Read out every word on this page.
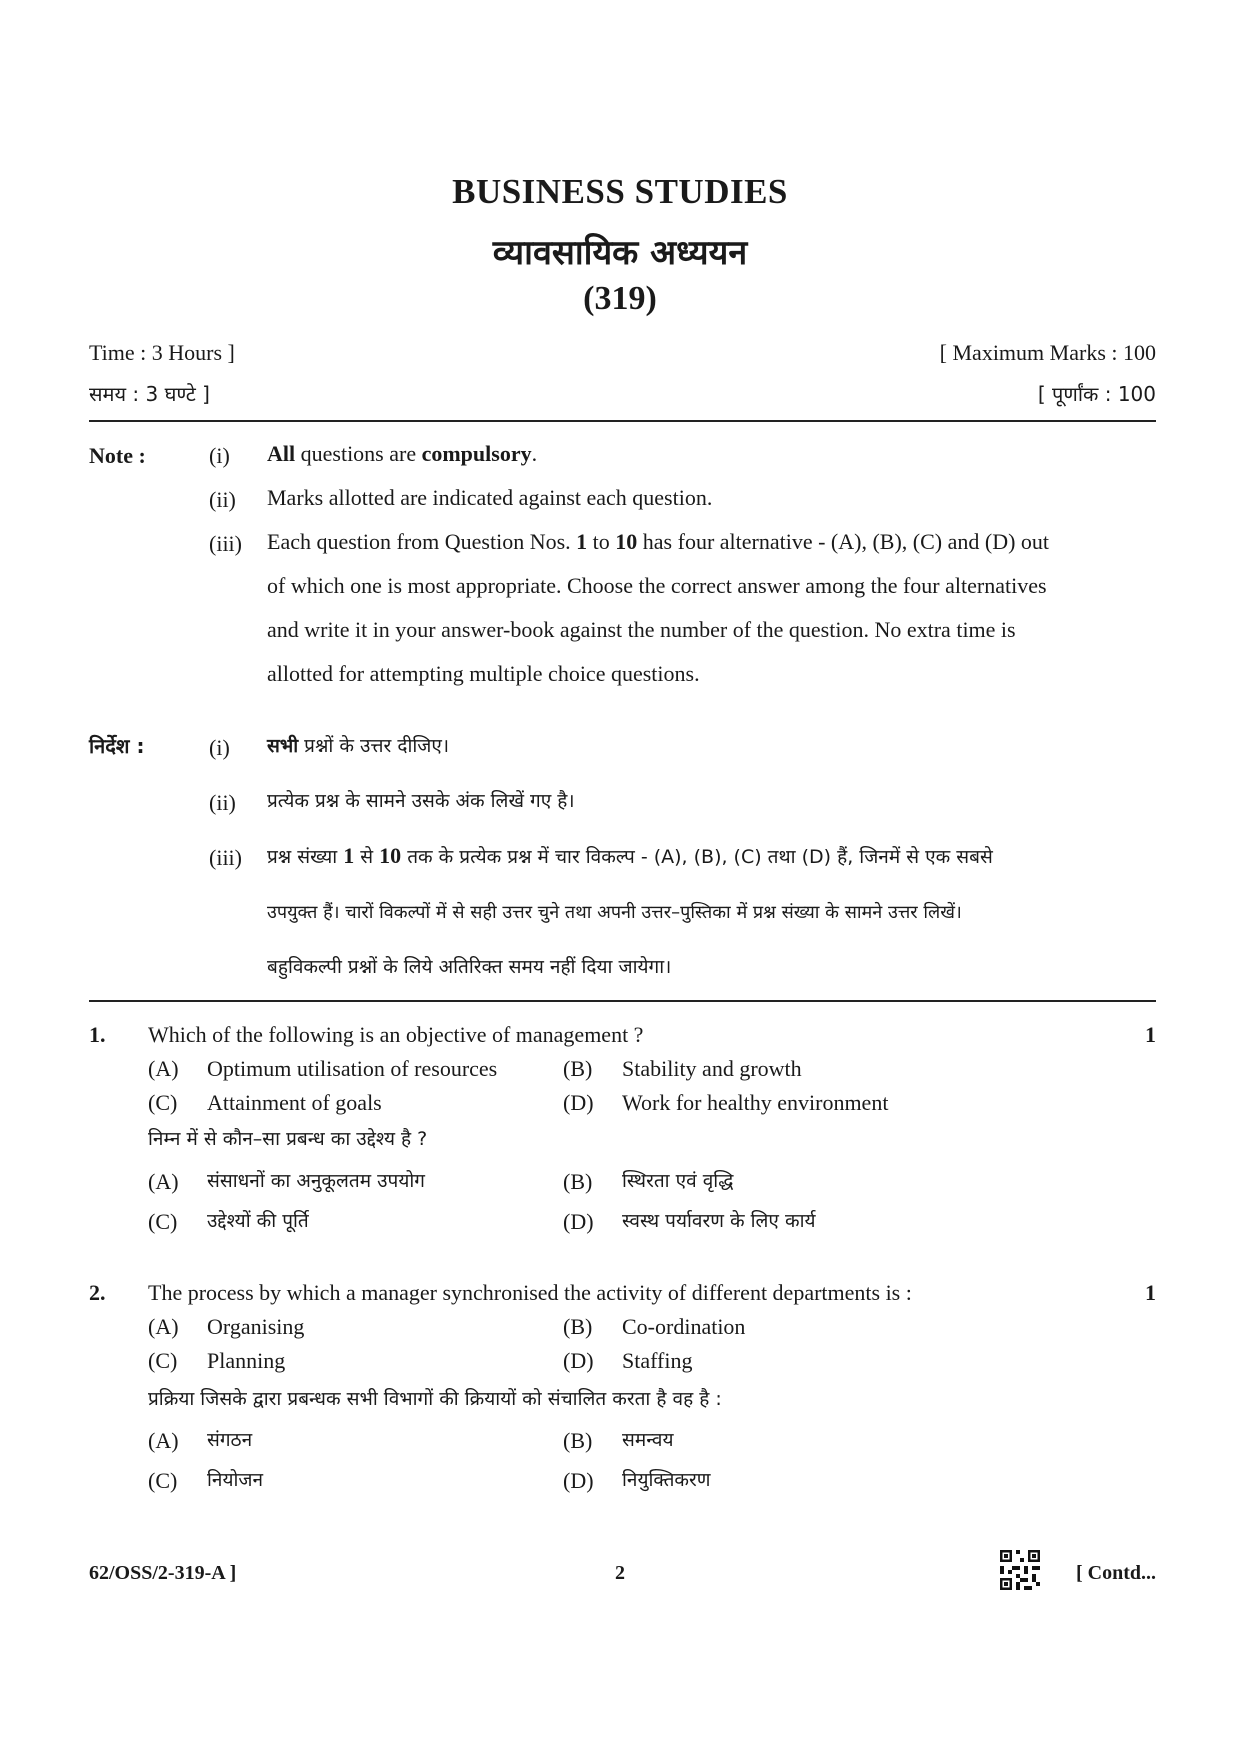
BUSINESS STUDIES
व्यावसायिक अध्ययन
(319)
Time : 3 Hours ]	[ Maximum Marks : 100
समय : 3 घण्टे ]	[ पूर्णांक : 100
Note :	(i) All questions are compulsory.
(ii) Marks allotted are indicated against each question.
(iii) Each question from Question Nos. 1 to 10 has four alternative - (A), (B), (C) and (D) out
of which one is most appropriate. Choose the correct answer among the four alternatives
and write it in your answer-book against the number of the question. No extra time is
allotted for attempting multiple choice questions.
निर्देश :	(i) सभी प्रश्नों के उत्तर दीजिए।
(ii) प्रत्येक प्रश्न के सामने उसके अंक लिखें गए है।
(iii) प्रश्न संख्या 1 से 10 तक के प्रत्येक प्रश्न में चार विकल्प - (A), (B), (C) तथा (D) हैं, जिनमें से एक सबसे
उपयुक्त हैं। चारों विकल्पों में से सही उत्तर चुने तथा अपनी उत्तर–पुस्तिका में प्रश्न संख्या के सामने उत्तर लिखें।
बहुविकल्पी प्रश्नों के लिये अतिरिक्त समय नहीं दिया जायेगा।
1. Which of the following is an objective of management ?	1
(A) Optimum utilisation of resources	(B) Stability and growth
(C) Attainment of goals	(D) Work for healthy environment
निम्न में से कौन–सा प्रबन्ध का उद्देश्य है ?
(A) संसाधनों का अनुकूलतम उपयोग	(B) स्थिरता एवं वृद्धि
(C) उद्देश्यों की पूर्ति	(D) स्वस्थ पर्यावरण के लिए कार्य
2. The process by which a manager synchronised the activity of different departments is :	1
(A) Organising	(B) Co-ordination
(C) Planning	(D) Staffing
प्रक्रिया जिसके द्वारा प्रबन्धक सभी विभागों की क्रियायों को संचालित करता है वह है :
(A) संगठन	(B) समन्वय
(C) नियोजन	(D) नियुक्तिकरण
62/OSS/2-319-A ]	2	[ Contd...
